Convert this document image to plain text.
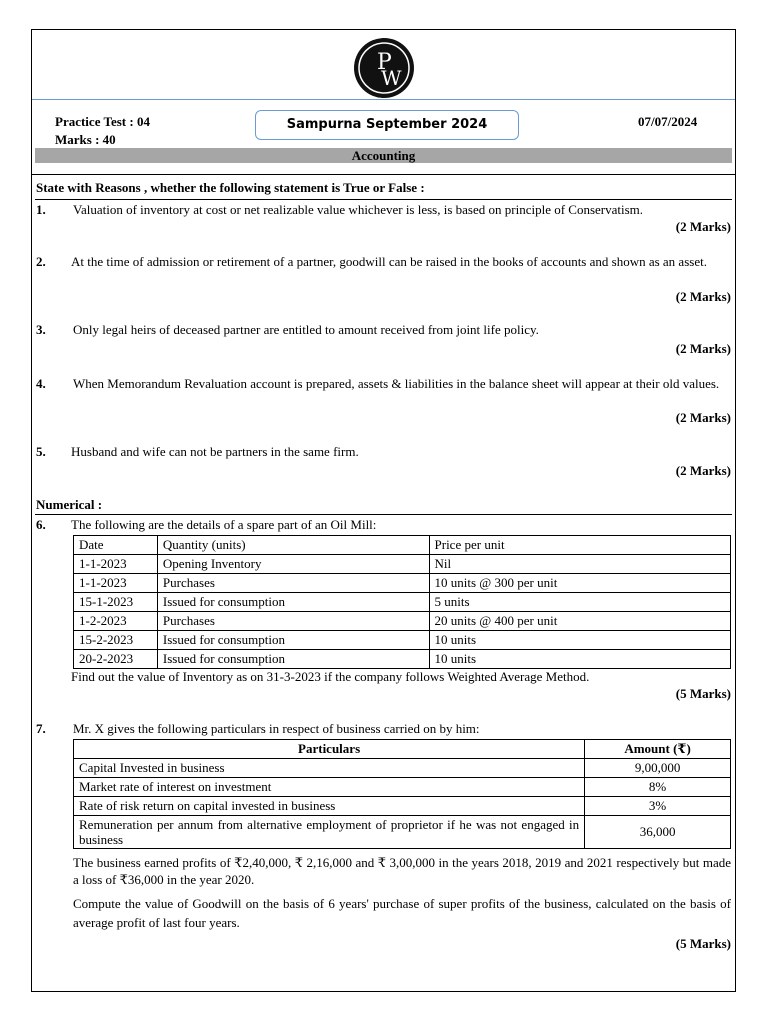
P
W
Practice Test : 04
Marks : 40
Sampurna September 2024	07/07/2024
Accounting
State with Reasons , whether the following statement is True or False :
1. Valuation of inventory at cost or net realizable value whichever is less, is based on principle of Conservatism.
(2 Marks)
2. At the time of admission or retirement of a partner, goodwill can be raised in the books of accounts and shown as an asset.
(2 Marks)
3. Only legal heirs of deceased partner are entitled to amount received from joint life policy.
(2 Marks)
4. When Memorandum Revaluation account is prepared, assets & liabilities in the balance sheet will appear at their old values.
(2 Marks)
5. Husband and wife can not be partners in the same firm.
(2 Marks)
Numerical :
6. The following are the details of a spare part of an Oil Mill:
Date	Quantity (units)	Price per unit
1-1-2023	Opening Inventory	Nil
1-1-2023	Purchases	10 units @ 300 per unit
15-1-2023	Issued for consumption	5 units
1-2-2023	Purchases	20 units @ 400 per unit
15-2-2023	Issued for consumption	10 units
20-2-2023	Issued for consumption	10 units
Find out the value of Inventory as on 31-3-2023 if the company follows Weighted Average Method.
(5 Marks)
7. Mr. X gives the following particulars in respect of business carried on by him:
Particulars	Amount (₹)
Capital Invested in business	9,00,000
Market rate of interest on investment	8%
Rate of risk return on capital invested in business	3%
Remuneration per annum from alternative employment of proprietor if he was not engaged in business	36,000
The business earned profits of ₹2,40,000, ₹ 2,16,000 and ₹ 3,00,000 in the years 2018, 2019 and 2021 respectively but made a loss of ₹36,000 in the year 2020.
Compute the value of Goodwill on the basis of 6 years' purchase of super profits of the business, calculated on the basis of average profit of last four years.
(5 Marks)
